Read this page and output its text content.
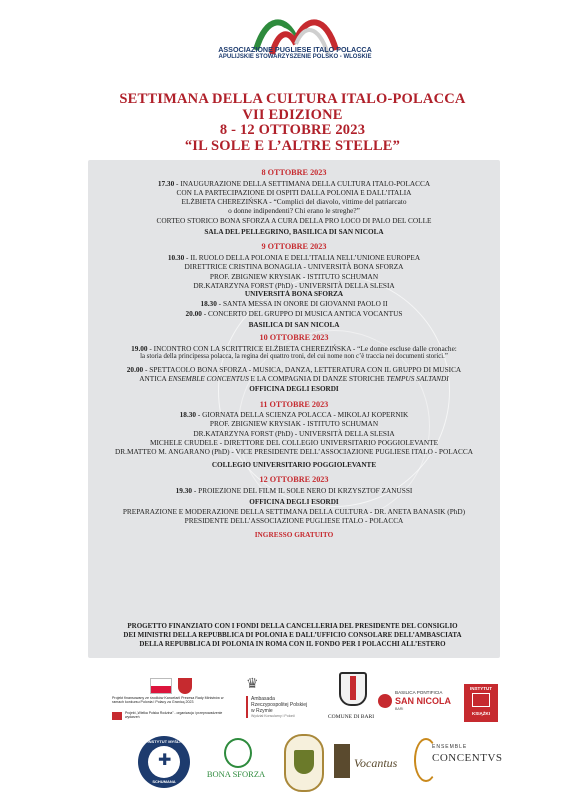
ASSOCIAZIONE PUGLIESE ITALO POLACCA
APULIJSKIE STOWARZYSZENIE POLSKO - WLOSKIE
SETTIMANA DELLA CULTURA ITALO-POLACCA
VII EDIZIONE
8 - 12 OTTOBRE 2023
“IL SOLE E L’ALTRE STELLE”
8 OTTOBRE 2023
17.30 - INAUGURAZIONE DELLA SETTIMANA DELLA CULTURA ITALO-POLACCA
CON LA PARTECIPAZIONE DI OSPITI DALLA POLONIA E DALL’ITALIA
ELŻBIETA CHEREZIŃSKA - “Complici del diavolo, vittime del patriarcato
o donne indipendenti? Chi erano le streghe?”
CORTEO STORICO BONA SFORZA A CURA DELLA PRO LOCO DI PALO DEL COLLE
SALA DEL PELLEGRINO, BASILICA DI SAN NICOLA
9 OTTOBRE 2023
10.30 - IL RUOLO DELLA POLONIA E DELL’ITALIA NELL’UNIONE EUROPEA
DIRETTRICE CRISTINA BONAGLIA - UNIVERSITÀ BONA SFORZA
PROF. ZBIGNIEW KRYSIAK - ISTITUTO SCHUMAN
DR.KATARZYNA FORST (PhD) - UNIVERSITÀ DELLA SLESIA
UNIVERSITÀ BONA SFORZA
18.30 - SANTA MESSA IN ONORE DI GIOVANNI PAOLO II
20.00 - CONCERTO DEL GRUPPO DI MUSICA ANTICA VOCANTUS
BASILICA DI SAN NICOLA
10 OTTOBRE 2023
19.00 - INCONTRO CON LA SCRITTRICE ELŻBIETA CHEREZIŃSKA - “Le donne escluse dalle cronache:
la storia della principessa polacca, la regina dei quattro troni, del cui nome non c’è traccia nei documenti storici.”
20.00 - SPETTACOLO BONA SFORZA - MUSICA, DANZA, LETTERATURA CON IL GRUPPO DI MUSICA
ANTICA ENSEMBLE CONCENTUS E LA COMPAGNIA DI DANZE STORICHE TEMPUS SALTANDI
OFFICINA DEGLI ESORDI
11 OTTOBRE 2023
18.30 - GIORNATA DELLA SCIENZA POLACCA - MIKOLAJ KOPERNIK
PROF. ZBIGNIEW KRYSIAK - ISTITUTO SCHUMAN
DR.KATARZYNA FORST (PhD) - UNIVERSITÀ DELLA SLESIA
MICHELE CRUDELE - DIRETTORE DEL COLLEGIO UNIVERSITARIO POGGIOLEVANTE
DR.MATTEO M. ANGARANO (PhD) - VICE PRESIDENTE DELL’ASSOCIAZIONE PUGLIESE ITALO - POLACCA
COLLEGIO UNIVERSITARIO POGGIOLEVANTE
12 OTTOBRE 2023
19.30 - PROIEZIONE DEL FILM IL SOLE NERO DI KRZYSZTOF ZANUSSI
OFFICINA DEGLI ESORDI
PREPARAZIONE E MODERAZIONE DELLA SETTIMANA DELLA CULTURA - DR. ANETA BANASIK (PhD)
PRESIDENTE DELL’ASSOCIAZIONE PUGLIESE ITALO - POLACCA
INGRESSO GRATUITO
PROGETTO FINANZIATO CON I FONDI DELLA CANCELLERIA DEL PRESIDENTE DEL CONSIGLIO
DEI MINISTRI DELLA REPUBBLICA DI POLONIA E DALL’UFFICIO CONSOLARE DELL’AMBASCIATA
DELLA REPUBBLICA DI POLONIA IN ROMA CON IL FONDO PER I POLACCHI ALL’ESTERO
Projekt finansowany ze środków Kancelarii Prezesa Rady Ministrów w ramach konkursu Polonia i Polacy za Granicą 2023
Projekt „Wielka Polska Rodzina” - organizacja i przeprowadzenie wydarzeń
♛
Ambasada
Rzeczypospolitej Polskiej
w Rzymie
Wydział Konsularny i Polonii	COMUNE DI BARI
BASILICA PONTIFICIA
SAN NICOLA
BARI
INSTYTUT
KSIĄŻKI
✚
INSTYTUT MYŚLI
SCHUMANA
BONA SFORZA
Vocantus
ENSEMBLE
CONCENTVS
